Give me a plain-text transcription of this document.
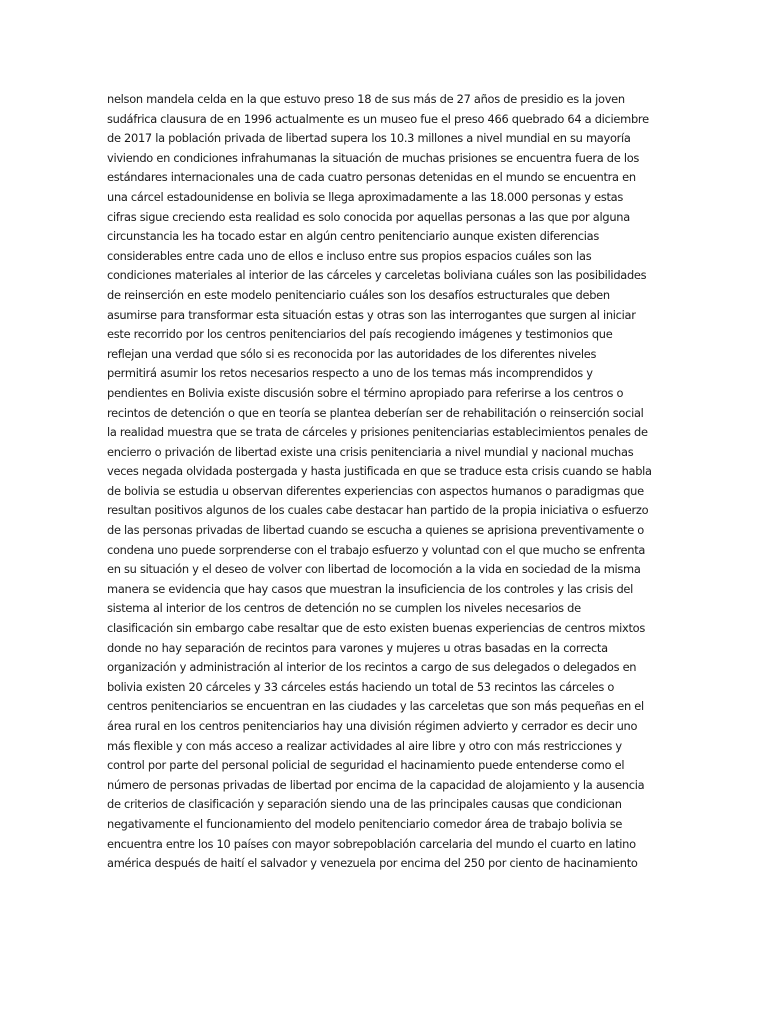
nelson mandela celda en la que estuvo preso 18 de sus más de 27 años de presidio es la joven
sudáfrica clausura de en 1996 actualmente es un museo fue el preso 466 quebrado 64 a diciembre
de 2017 la población privada de libertad supera los 10.3 millones a nivel mundial en su mayoría
viviendo en condiciones infrahumanas la situación de muchas prisiones se encuentra fuera de los
estándares internacionales una de cada cuatro personas detenidas en el mundo se encuentra en
una cárcel estadounidense en bolivia se llega aproximadamente a las 18.000 personas y estas
cifras sigue creciendo esta realidad es solo conocida por aquellas personas a las que por alguna
circunstancia les ha tocado estar en algún centro penitenciario aunque existen diferencias
considerables entre cada uno de ellos e incluso entre sus propios espacios cuáles son las
condiciones materiales al interior de las cárceles y carceletas boliviana cuáles son las posibilidades
de reinserción en este modelo penitenciario cuáles son los desafíos estructurales que deben
asumirse para transformar esta situación estas y otras son las interrogantes que surgen al iniciar
este recorrido por los centros penitenciarios del país recogiendo imágenes y testimonios que
reflejan una verdad que sólo si es reconocida por las autoridades de los diferentes niveles
permitirá asumir los retos necesarios respecto a uno de los temas más incomprendidos y
pendientes en Bolivia existe discusión sobre el término apropiado para referirse a los centros o
recintos de detención o que en teoría se plantea deberían ser de rehabilitación o reinserción social
la realidad muestra que se trata de cárceles y prisiones penitenciarias establecimientos penales de
encierro o privación de libertad existe una crisis penitenciaria a nivel mundial y nacional muchas
veces negada olvidada postergada y hasta justificada en que se traduce esta crisis cuando se habla
de bolivia se estudia u observan diferentes experiencias con aspectos humanos o paradigmas que
resultan positivos algunos de los cuales cabe destacar han partido de la propia iniciativa o esfuerzo
de las personas privadas de libertad cuando se escucha a quienes se aprisiona preventivamente o
condena uno puede sorprenderse con el trabajo esfuerzo y voluntad con el que mucho se enfrenta
en su situación y el deseo de volver con libertad de locomoción a la vida en sociedad de la misma
manera se evidencia que hay casos que muestran la insuficiencia de los controles y las crisis del
sistema al interior de los centros de detención no se cumplen los niveles necesarios de
clasificación sin embargo cabe resaltar que de esto existen buenas experiencias de centros mixtos
donde no hay separación de recintos para varones y mujeres u otras basadas en la correcta
organización y administración al interior de los recintos a cargo de sus delegados o delegados en
bolivia existen 20 cárceles y 33 cárceles estás haciendo un total de 53 recintos las cárceles o
centros penitenciarios se encuentran en las ciudades y las carceletas que son más pequeñas en el
área rural en los centros penitenciarios hay una división régimen advierto y cerrador es decir uno
más flexible y con más acceso a realizar actividades al aire libre y otro con más restricciones y
control por parte del personal policial de seguridad el hacinamiento puede entenderse como el
número de personas privadas de libertad por encima de la capacidad de alojamiento y la ausencia
de criterios de clasificación y separación siendo una de las principales causas que condicionan
negativamente el funcionamiento del modelo penitenciario comedor área de trabajo bolivia se
encuentra entre los 10 países con mayor sobrepoblación carcelaria del mundo el cuarto en latino
américa después de haití el salvador y venezuela por encima del 250 por ciento de hacinamiento
